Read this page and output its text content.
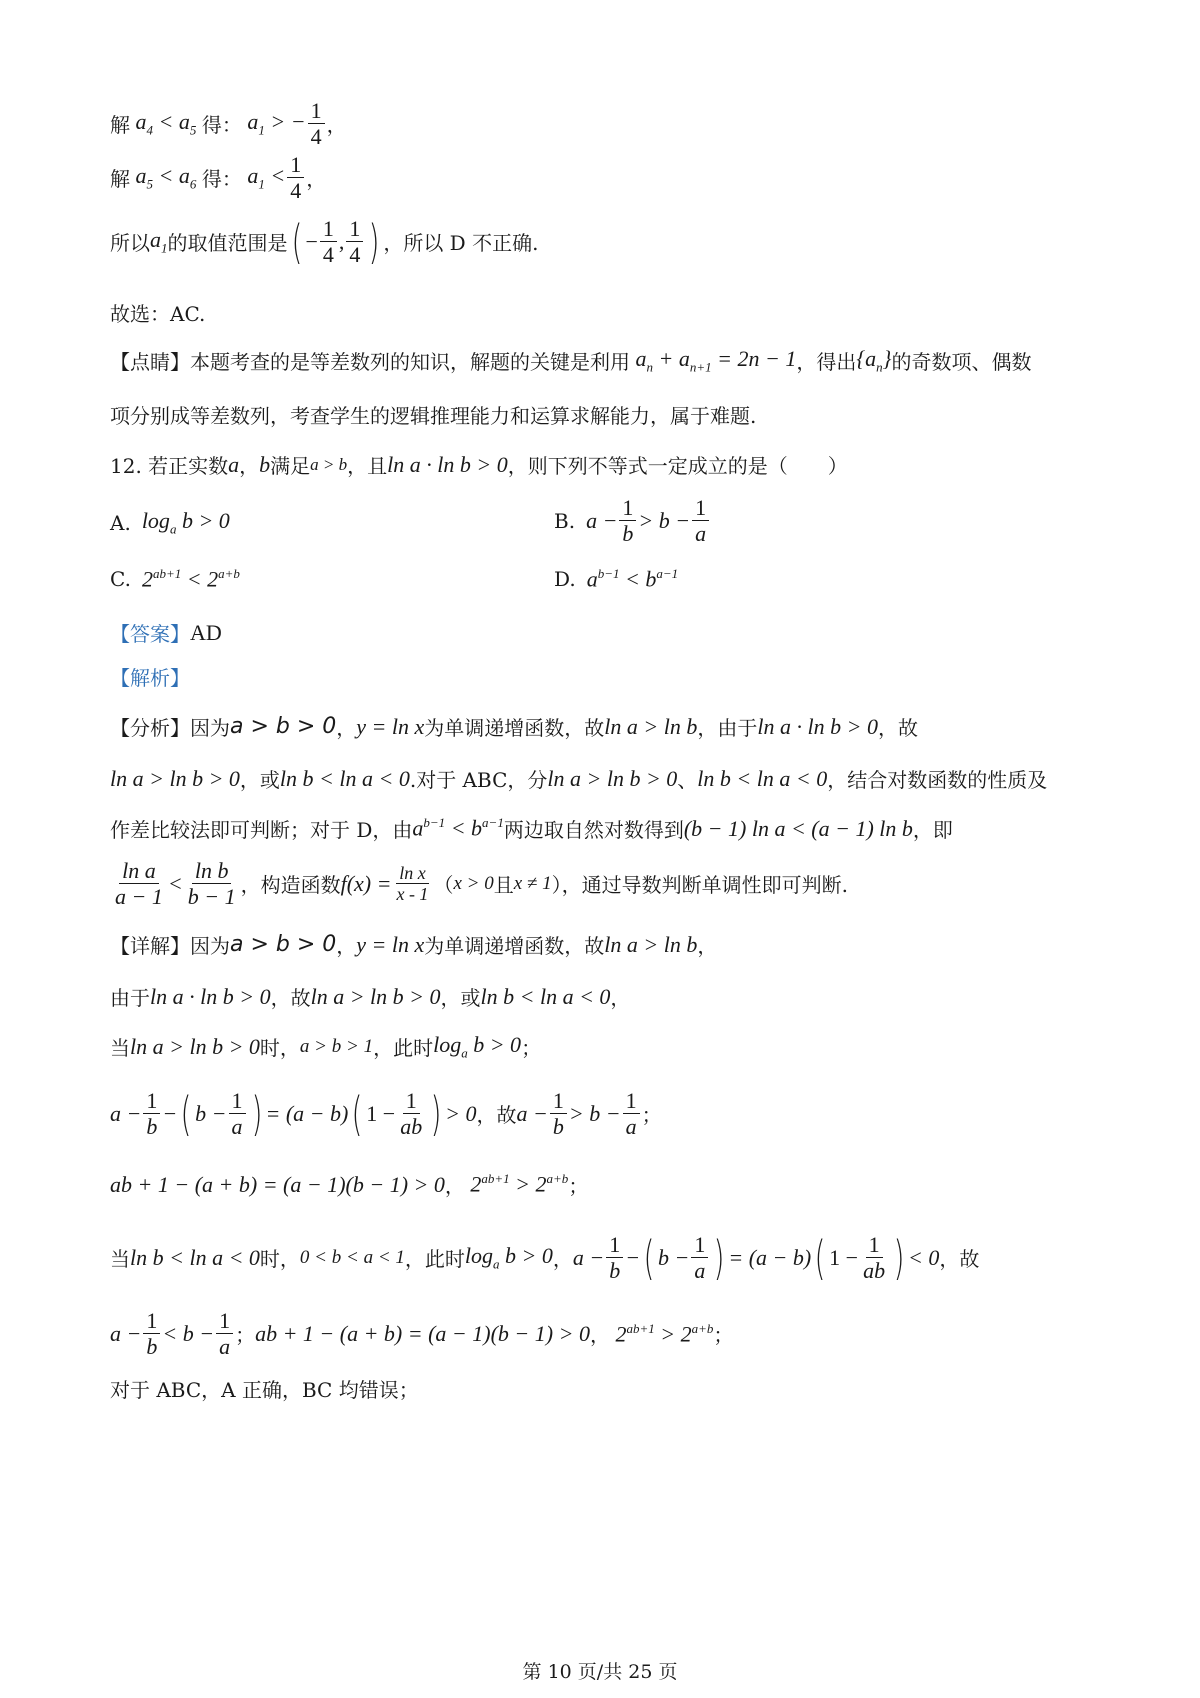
解 $a_4 < a_5$ 得： $a_1$ > − $\frac{1}{4}$ ，
解 $a_5 < a_6$ 得： $a_1 < \frac{1}{4}$ ，
所以 $a_1$ 的取值范围是 ( − $\frac{1}{4}$ , $\frac{1}{4}$ ) ，所以 D 不正确.
故选：AC.
【点睛】 本题考查的是等差数列的知识，解题的关键是利用 $a_n + a_{n+1} = 2n - 1$ ，得出 $\{a_n\}$ 的奇数项、偶数
项分别成等差数列，考查学生的逻辑推理能力和运算求解能力，属于难题.
12. 若正实数 a ， b 满足 a > b ，且 ln a · ln b > 0 ，则下列不等式一定成立的是（　　）
A. $\log_a b > 0$	B. $a - \frac{1}{b} > b - \frac{1}{a}$
C. $2^{ab+1} < 2^{a+b}$	D. $a^{b-1} < b^{a-1}$
【答案】 AD
【解析】
【分析】 因为 a > b > 0 ， y = ln x 为单调递增函数，故 ln a > ln b ，由于 ln a · ln b > 0 ，故
ln a > ln b > 0 ，或 ln b < ln a < 0 .对于 ABC，分 ln a > ln b > 0 、 ln b < ln a < 0 ，结合对数函数的性质及
作差比较法即可判断；对于 D，由 $a^{b-1} < b^{a-1}$ 两边取自然对数得到 (b − 1) ln a < (a − 1) ln b ，即
$\frac{\text{ln a}}{a - 1} < \frac{\text{ln b}}{b - 1}$ ，构造函数 $f(x) = \frac{\text{ln x}}{x - 1}$ （ x > 0 且 x ≠ 1 ），通过导数判断单调性即可判断.
【详解】 因为 a > b > 0 ， y = ln x 为单调递增函数，故 ln a > ln b ，
由于 ln a · ln b > 0 ，故 ln a > ln b > 0 ，或 ln b < ln a < 0 ，
当 ln a > ln b > 0 时， a > b > 1 ，此时 $\log_a b > 0$ ；
$a - \frac{1}{b}$ − ( $b - \frac{1}{a}$ ) = (a − b) ( $1 - \frac{1}{ab}$ ) > 0 ，故 $a - \frac{1}{b} > b - \frac{1}{a}$ ；
ab + 1 − (a + b) = (a − 1)(b − 1) > 0 ， $2^{ab+1} > 2^{a+b}$ ；
当 ln b < ln a < 0 时， 0 < b < a < 1 ，此时 $\log_a b > 0$ ， $a - \frac{1}{b}$ − ( $b - \frac{1}{a}$ ) = (a − b) ( $1 - \frac{1}{ab}$ ) < 0 ，故
$a - \frac{1}{b} < b - \frac{1}{a}$ ； ab + 1 − (a + b) = (a − 1)(b − 1) > 0 ， $2^{ab+1} > 2^{a+b}$ ；
对于 ABC，A 正确，BC 均错误；
第 10 页/共 25 页
